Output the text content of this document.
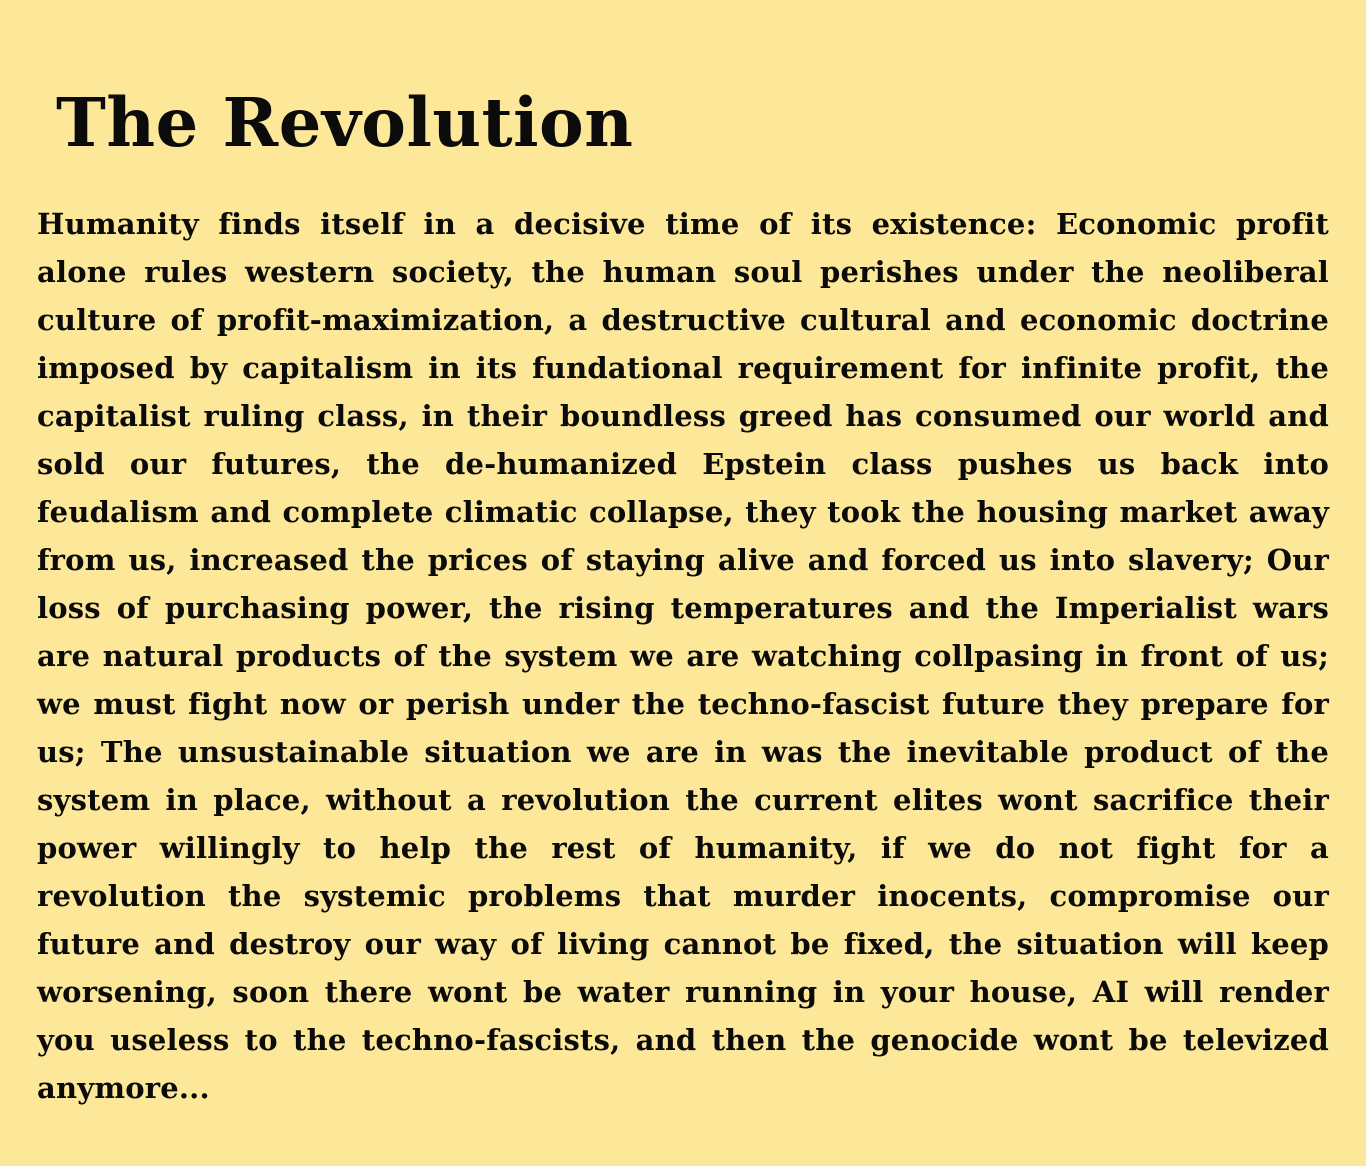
The Revolution

Humanity finds itself in a decisive time of its existence: Economic profit alone rules western society, the human soul perishes under the neoliberal culture of profit-maximization, a destructive cultural and economic doctrine imposed by capitalism in its fundational requirement for infinite profit, the capitalist ruling class, in their boundless greed has consumed our world and sold our futures, the de-humanized Epstein class pushes us back into feudalism and complete climatic collapse, they took the housing market away from us, increased the prices of staying alive and forced us into slavery; Our loss of purchasing power, the rising temperatures and the Imperialist wars are natural products of the system we are watching collpasing in front of us; we must fight now or perish under the techno-fascist future they prepare for us; The unsustainable situation we are in was the inevitable product of the system in place, without a revolution the current elites wont sacrifice their power willingly to help the rest of humanity, if we do not fight for a revolution the systemic problems that murder inocents, compromise our future and destroy our way of living cannot be fixed, the situation will keep worsening, soon there wont be water running in your house, AI will render you useless to the techno-fascists, and then the genocide wont be televized anymore...
